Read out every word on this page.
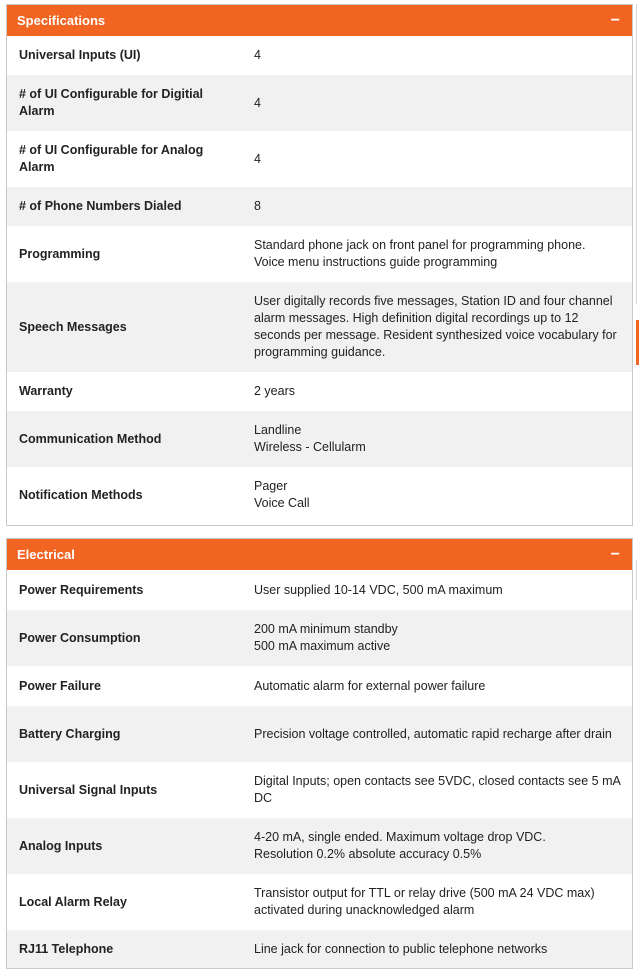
Specifications	−
Universal Inputs (UI)	4
# of UI Configurable for Digitial Alarm	4
# of UI Configurable for Analog Alarm	4
# of Phone Numbers Dialed	8
Programming	Standard phone jack on front panel for programming phone.
Voice menu instructions guide programming
Speech Messages	User digitally records five messages, Station ID and four channel alarm messages. High definition digital recordings up to 12 seconds per message. Resident synthesized voice vocabulary for programming guidance.
Warranty	2 years
Communication Method	Landline
Wireless - Cellularm
Notification Methods	Pager
Voice Call
Electrical	−
Power Requirements	User supplied 10-14 VDC, 500 mA maximum
Power Consumption	200 mA minimum standby
500 mA maximum active
Power Failure	Automatic alarm for external power failure
Battery Charging	Precision voltage controlled, automatic rapid recharge after drain
Universal Signal Inputs	Digital Inputs; open contacts see 5VDC, closed contacts see 5 mA DC
Analog Inputs	4-20 mA, single ended. Maximum voltage drop VDC.
Resolution 0.2% absolute accuracy 0.5%
Local Alarm Relay	Transistor output for TTL or relay drive (500 mA 24 VDC max) activated during unacknowledged alarm
RJ11 Telephone	Line jack for connection to public telephone networks
